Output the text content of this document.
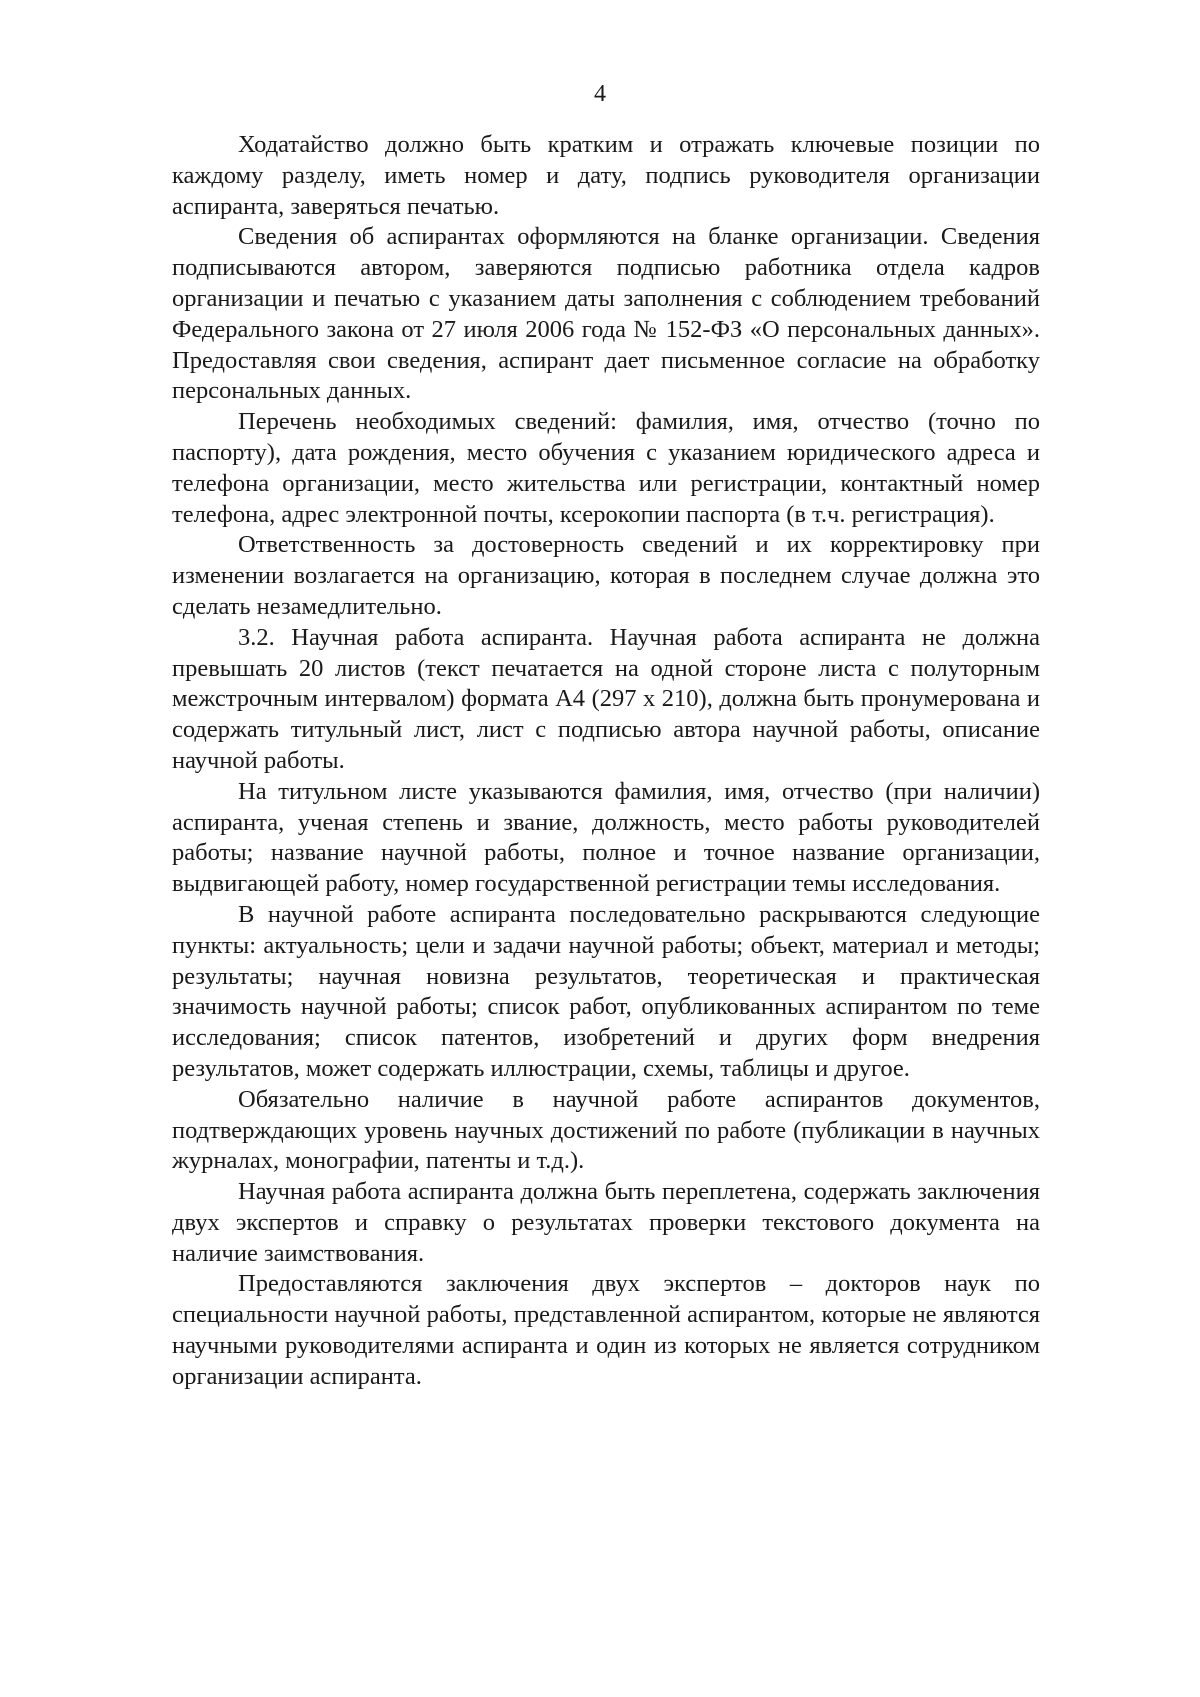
4

Ходатайство должно быть кратким и отражать ключевые позиции по каждому разделу, иметь номер и дату, подпись руководителя организации аспиранта, заверяться печатью.

Сведения об аспирантах оформляются на бланке организации. Сведения подписываются автором, заверяются подписью работника отдела кадров организации и печатью с указанием даты заполнения с соблюдением требований Федерального закона от 27 июля 2006 года № 152-ФЗ «О персональных данных». Предоставляя свои сведения, аспирант дает письменное согласие на обработку персональных данных.

Перечень необходимых сведений: фамилия, имя, отчество (точно по паспорту), дата рождения, место обучения с указанием юридического адреса и телефона организации, место жительства или регистрации, контактный номер телефона, адрес электронной почты, ксерокопии паспорта (в т.ч. регистрация).

Ответственность за достоверность сведений и их корректировку при изменении возлагается на организацию, которая в последнем случае должна это сделать незамедлительно.

3.2. Научная работа аспиранта. Научная работа аспиранта не должна превышать 20 листов (текст печатается на одной стороне листа с полуторным межстрочным интервалом) формата А4 (297 х 210), должна быть пронумерована и содержать титульный лист, лист с подписью автора научной работы, описание научной работы.

На титульном листе указываются фамилия, имя, отчество (при наличии) аспиранта, ученая степень и звание, должность, место работы руководителей работы; название научной работы, полное и точное название организации, выдвигающей работу, номер государственной регистрации темы исследования.

В научной работе аспиранта последовательно раскрываются следующие пункты: актуальность; цели и задачи научной работы; объект, материал и методы; результаты; научная новизна результатов, теоретическая и практическая значимость научной работы; список работ, опубликованных аспирантом по теме исследования; список патентов, изобретений и других форм внедрения результатов, может содержать иллюстрации, схемы, таблицы и другое.

Обязательно наличие в научной работе аспирантов документов, подтверждающих уровень научных достижений по работе (публикации в научных журналах, монографии, патенты и т.д.).

Научная работа аспиранта должна быть переплетена, содержать заключения двух экспертов и справку о результатах проверки текстового документа на наличие заимствования.

Предоставляются заключения двух экспертов – докторов наук по специальности научной работы, представленной аспирантом, которые не являются научными руководителями аспиранта и один из которых не является сотрудником организации аспиранта.
